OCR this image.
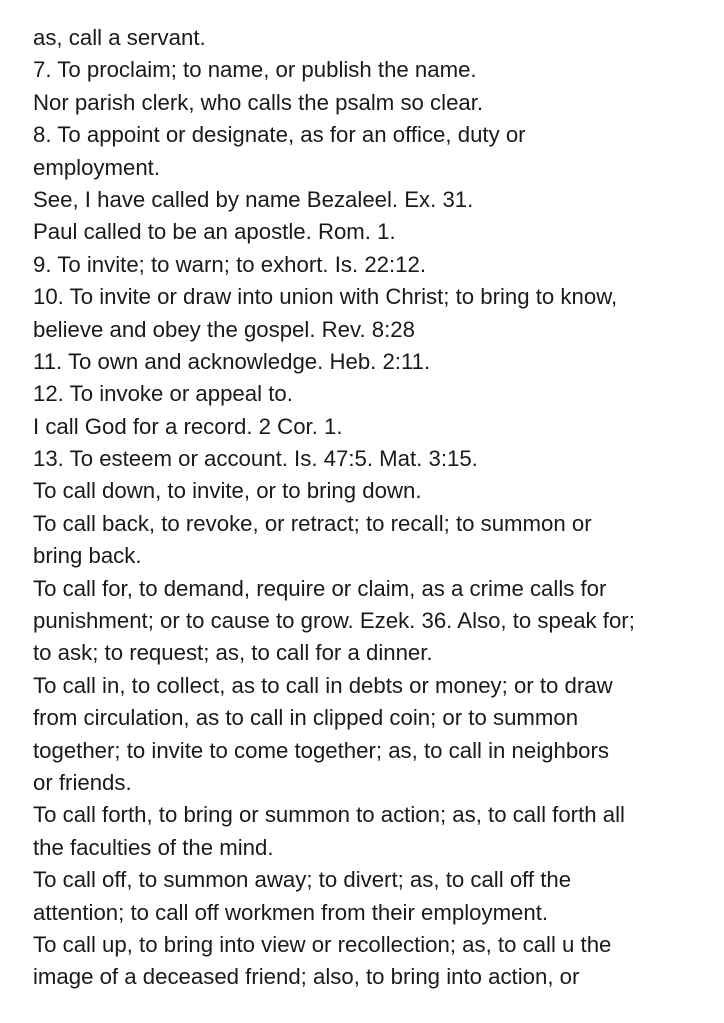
as, call a servant.
7. To proclaim; to name, or publish the name.
Nor parish clerk, who calls the psalm so clear.
8. To appoint or designate, as for an office, duty or
employment.
See, I have called by name Bezaleel. Ex. 31.
Paul called to be an apostle. Rom. 1.
9. To invite; to warn; to exhort. Is. 22:12.
10. To invite or draw into union with Christ; to bring to know,
believe and obey the gospel. Rev. 8:28
11. To own and acknowledge. Heb. 2:11.
12. To invoke or appeal to.
I call God for a record. 2 Cor. 1.
13. To esteem or account. Is. 47:5. Mat. 3:15.
To call down, to invite, or to bring down.
To call back, to revoke, or retract; to recall; to summon or
bring back.
To call for, to demand, require or claim, as a crime calls for
punishment; or to cause to grow. Ezek. 36. Also, to speak for;
to ask; to request; as, to call for a dinner.
To call in, to collect, as to call in debts or money; or to draw
from circulation, as to call in clipped coin; or to summon
together; to invite to come together; as, to call in neighbors
or friends.
To call forth, to bring or summon to action; as, to call forth all
the faculties of the mind.
To call off, to summon away; to divert; as, to call off the
attention; to call off workmen from their employment.
To call up, to bring into view or recollection; as, to call u the
image of a deceased friend; also, to bring into action, or
